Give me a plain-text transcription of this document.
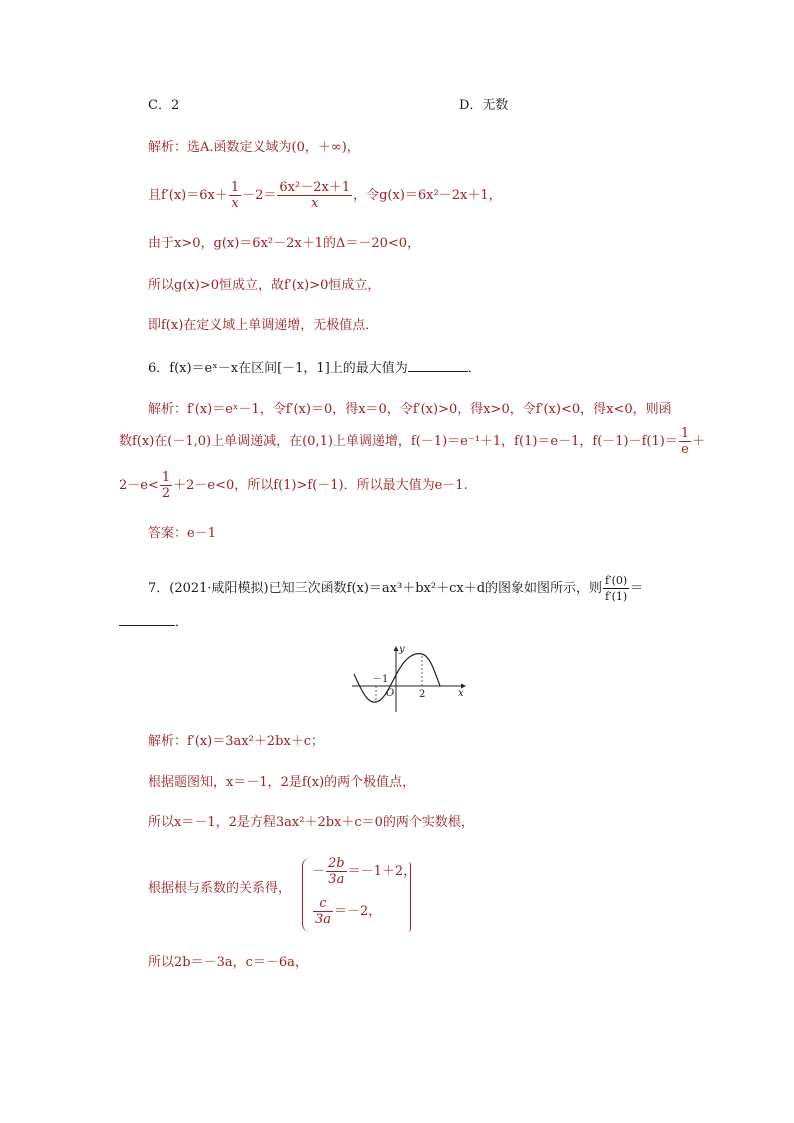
C．2	D．无数
解析：选A.函数定义域为(0，＋∞)，
且$f'(x)=6x+ \frac{1}{x} -2= \frac{\text{6x²－2x＋1}}{x}$ ，令g(x)＝6x²－2x＋1，
由于x>0，g(x)＝6x²－2x＋1的Δ＝－20<0，
所以g(x)>0恒成立，故f′(x)>0恒成立，
即f(x)在定义域上单调递增，无极值点．
6．f(x)＝eˣ－x在区间[－1，1]上的最大值为	．
解析：f′(x)＝eˣ－1，令f′(x)＝0，得x＝0，令f′(x)>0，得x>0，令f′(x)<0，得x<0，则函
数f(x)在(－1,0)上单调递减，在(0,1)上单调递增，f(－1)＝e⁻¹＋1，f(1)＝e－1，$f(-1)-f(1)= \frac{1}{e}$ ＋
$2-e< \frac{1}{2} +2-e<0$，所以f(1)>f(－1)．所以最大值为e－1.
答案：e－1
7．(2021·咸阳模拟)已知三次函数f(x)＝ax³＋bx²＋cx＋d的图象如图所示，则 $\frac{f'(0)}{f'(1)}$ ＝
．
y
x
O
－1
2
解析：f′(x)＝3ax²＋2bx＋c；
根据题图知，x＝－1，2是f(x)的两个极值点，
所以x＝－1，2是方程3ax²＋2bx＋c＝0的两个实数根，
根据根与系数的关系得，
－ $\frac{2b}{3a} =-1+2$，
$\frac{c}{3a} =-2$，
所以2b＝－3a，c＝－6a，
